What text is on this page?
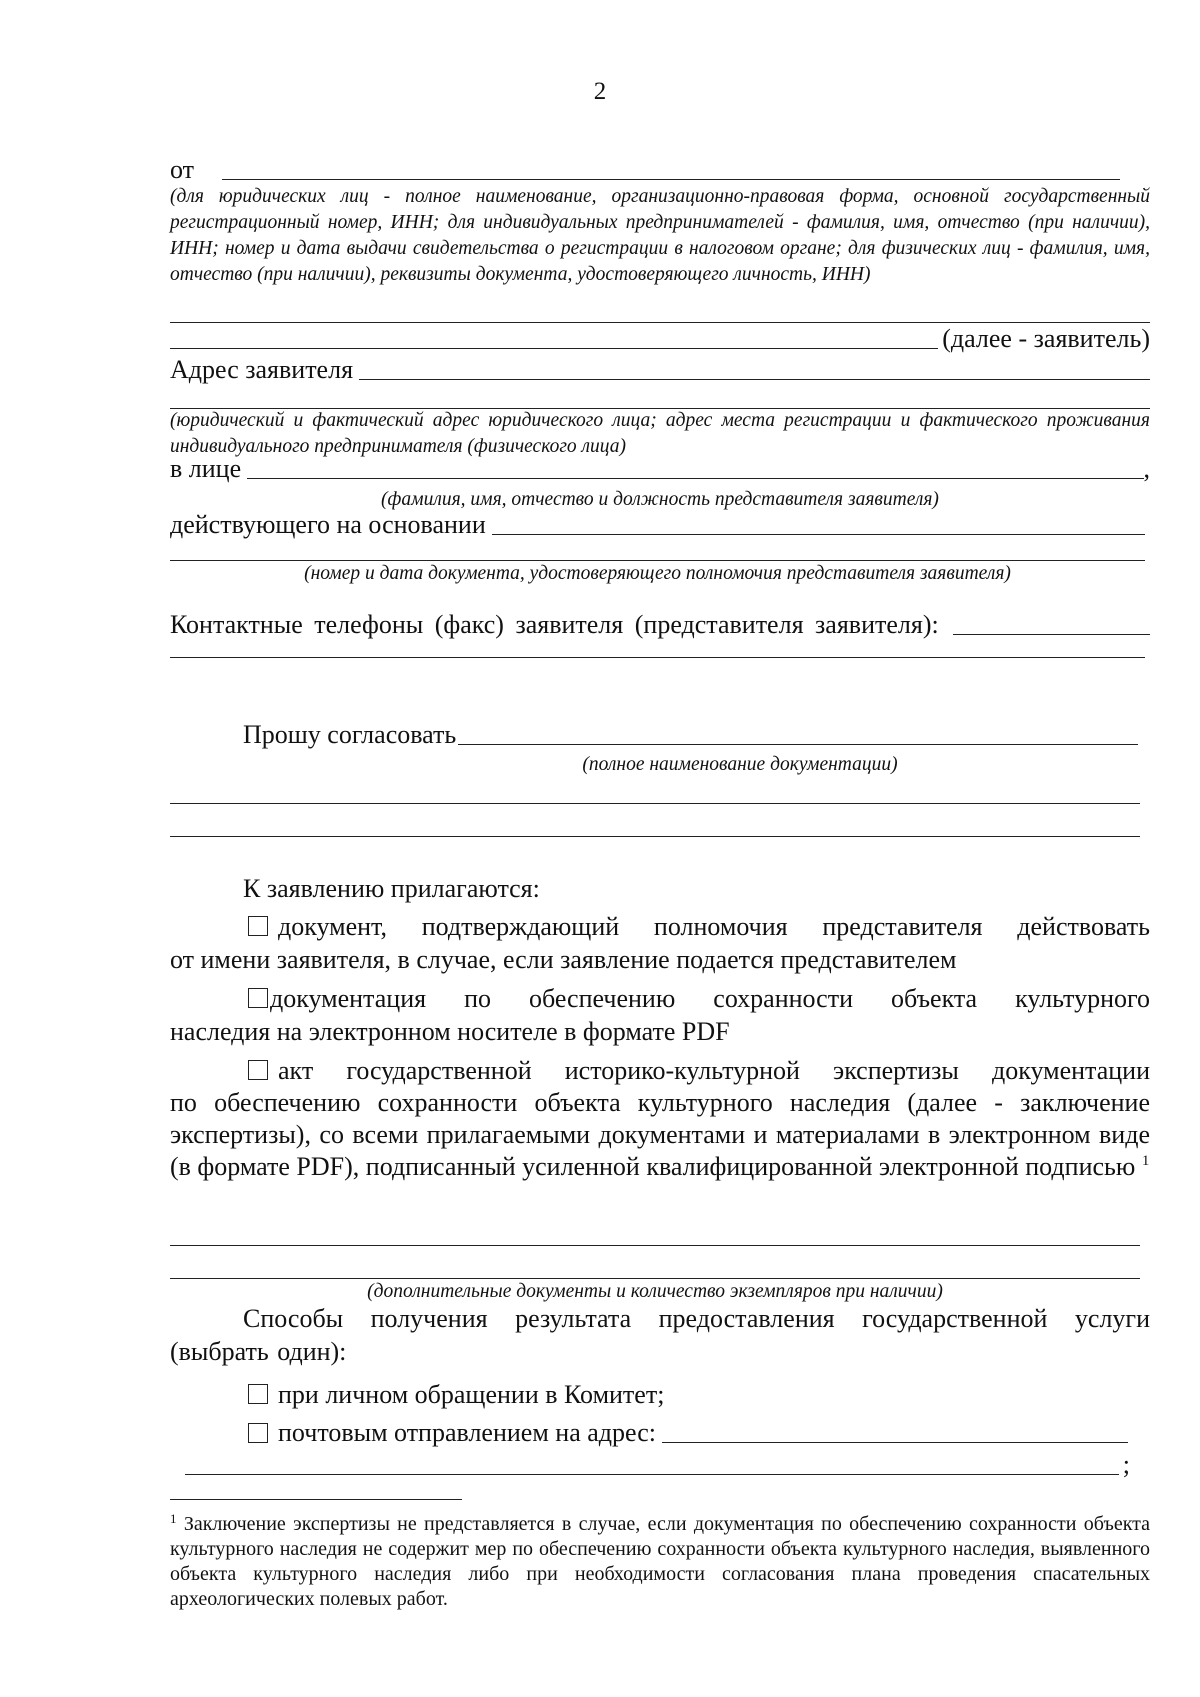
2
от
(для юридических лиц - полное наименование, организационно-правовая форма, основной государственный регистрационный номер, ИНН; для индивидуальных предпринимателей - фамилия, имя, отчество (при наличии), ИНН; номер и дата выдачи свидетельства о регистрации в налоговом органе; для физических лиц - фамилия, имя, отчество (при наличии), реквизиты документа, удостоверяющего личность, ИНН)
(далее - заявитель)
Адрес заявителя
(юридический и фактический адрес юридического лица; адрес места регистрации и фактического проживания индивидуального предпринимателя (физического лица)
в лице	,
(фамилия, имя, отчество и должность представителя заявителя)
действующего на основании
(номер и дата документа, удостоверяющего полномочия представителя заявителя)
Контактные телефоны (факс) заявителя (представителя заявителя):
Прошу согласовать
(полное наименование документации)
К заявлению прилагаются:
документ, подтверждающий полномочия представителя действовать
от имени заявителя, в случае, если заявление подается представителем
документация по обеспечению сохранности объекта культурного
наследия на электронном носителе в формате PDF
акт государственной историко-культурной экспертизы документации
по обеспечению сохранности объекта культурного наследия (далее - заключение экспертизы), со всеми прилагаемыми документами и материалами в электронном виде (в формате PDF), подписанный усиленной квалифицированной электронной подписью $^1$
(дополнительные документы и количество экземпляров при наличии)
Способы получения результата предоставления государственной услуги (выбрать один):
при личном обращении в Комитет;
почтовым отправлением на адрес:
;
$^1$ Заключение экспертизы не представляется в случае, если документация по обеспечению сохранности объекта культурного наследия не содержит мер по обеспечению сохранности объекта культурного наследия, выявленного объекта культурного наследия либо при необходимости согласования плана проведения спасательных археологических полевых работ.
